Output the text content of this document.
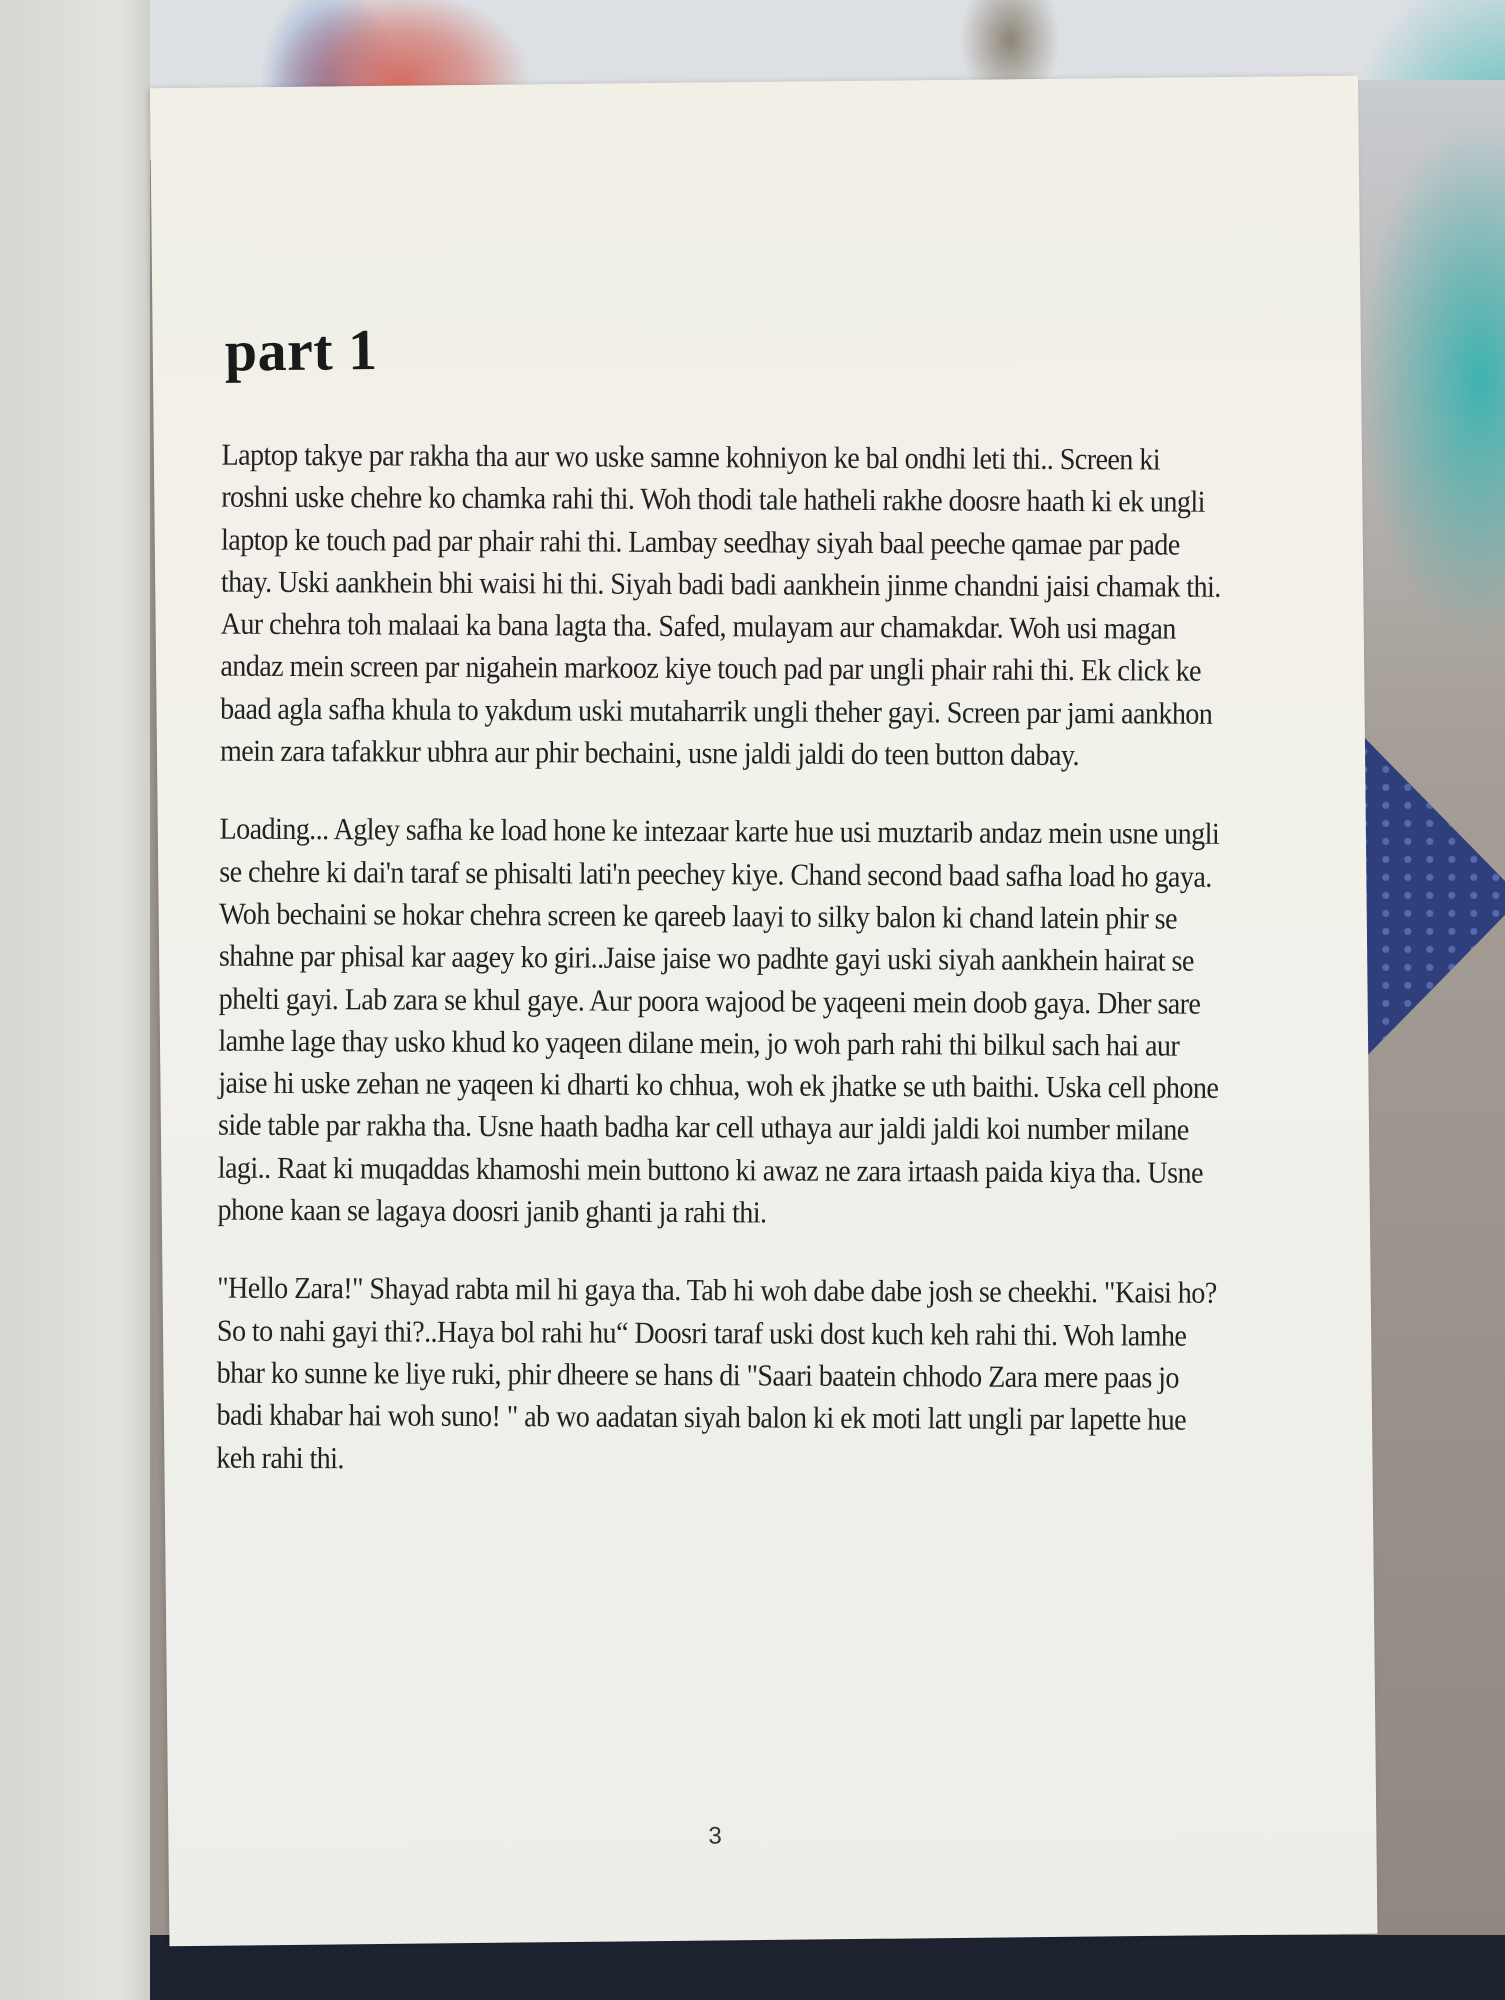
part 1

Laptop takye par rakha tha aur wo uske samne kohniyon ke bal ondhi leti thi.. Screen ki roshni uske chehre ko chamka rahi thi. Woh thodi tale hatheli rakhe doosre haath ki ek ungli laptop ke touch pad par phair rahi thi. Lambay seedhay siyah baal peeche qamae par pade thay. Uski aankhein bhi waisi hi thi. Siyah badi badi aankhein jinme chandni jaisi chamak thi. Aur chehra toh malaai ka bana lagta tha. Safed, mulayam aur chamakdar. Woh usi magan andaz mein screen par nigahein markooz kiye touch pad par ungli phair rahi thi. Ek click ke baad agla safha khula to yakdum uski mutaharrik ungli theher gayi. Screen par jami aankhon mein zara tafakkur ubhra aur phir bechaini, usne jaldi jaldi do teen button dabay.

Loading... Agley safha ke load hone ke intezaar karte hue usi muztarib andaz mein usne ungli se chehre ki dai'n taraf se phisalti lati'n peechey kiye. Chand second baad safha load ho gaya. Woh bechaini se hokar chehra screen ke qareeb laayi to silky balon ki chand latein phir se shahne par phisal kar aagey ko giri..Jaise jaise wo padhte gayi uski siyah aankhein hairat se phelti gayi. Lab zara se khul gaye. Aur poora wajood be yaqeeni mein doob gaya. Dher sare lamhe lage thay usko khud ko yaqeen dilane mein, jo woh parh rahi thi bilkul sach hai aur jaise hi uske zehan ne yaqeen ki dharti ko chhua, woh ek jhatke se uth baithi. Uska cell phone side table par rakha tha. Usne haath badha kar cell uthaya aur jaldi jaldi koi number milane lagi.. Raat ki muqaddas khamoshi mein buttono ki awaz ne zara irtaash paida kiya tha. Usne phone kaan se lagaya doosri janib ghanti ja rahi thi.

"Hello Zara!" Shayad rabta mil hi gaya tha. Tab hi woh dabe dabe josh se cheekhi. "Kaisi ho? So to nahi gayi thi?..Haya bol rahi hu“ Doosri taraf uski dost kuch keh rahi thi. Woh lamhe bhar ko sunne ke liye ruki, phir dheere se hans di "Saari baatein chhodo Zara mere paas jo badi khabar hai woh suno! " ab wo aadatan siyah balon ki ek moti latt ungli par lapette hue keh rahi thi.

3
